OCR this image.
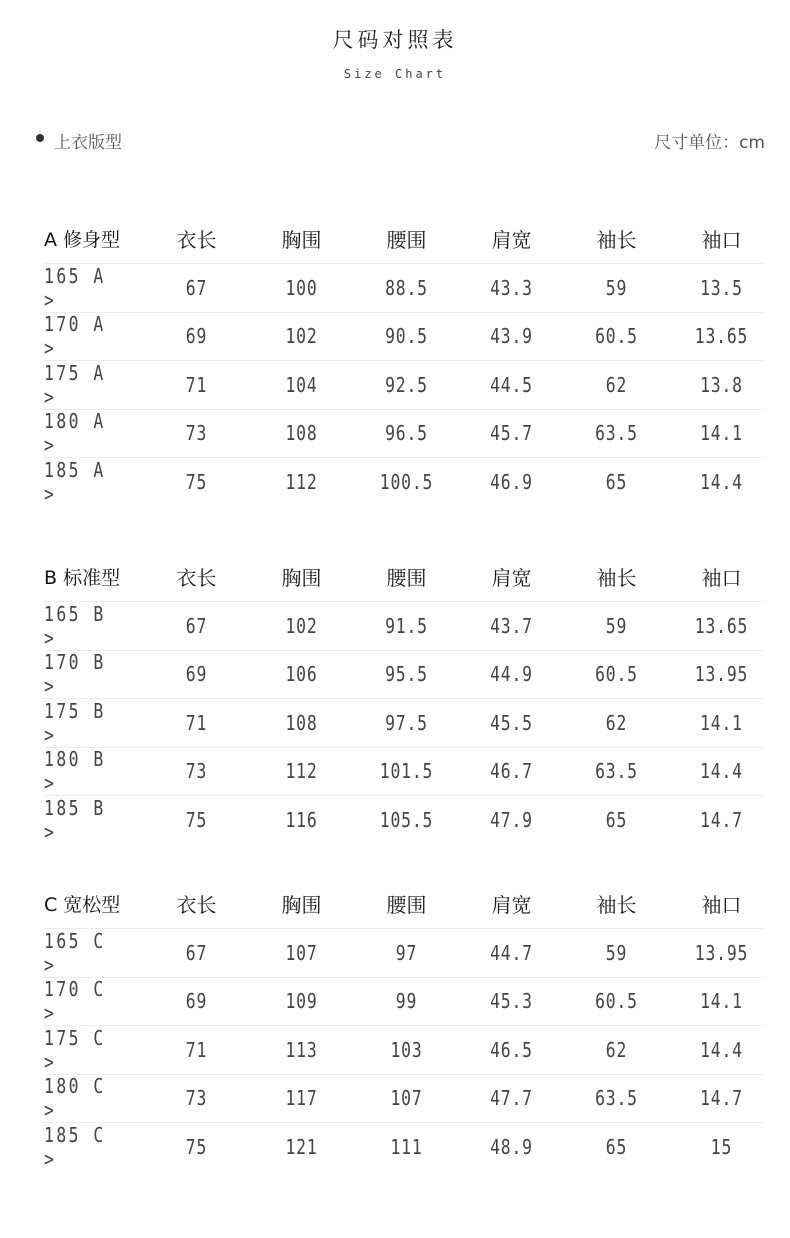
尺码对照表
Size Chart
上衣版型	尺寸单位：cm
A 修身型	衣长	胸围	腰围	肩宽	袖长	袖口
165 A >	67	100	88.5	43.3	59	13.5
170 A >	69	102	90.5	43.9	60.5	13.65
175 A >	71	104	92.5	44.5	62	13.8
180 A >	73	108	96.5	45.7	63.5	14.1
185 A >	75	112	100.5	46.9	65	14.4
B 标准型	衣长	胸围	腰围	肩宽	袖长	袖口
165 B >	67	102	91.5	43.7	59	13.65
170 B >	69	106	95.5	44.9	60.5	13.95
175 B >	71	108	97.5	45.5	62	14.1
180 B >	73	112	101.5	46.7	63.5	14.4
185 B >	75	116	105.5	47.9	65	14.7
C 宽松型	衣长	胸围	腰围	肩宽	袖长	袖口
165 C >	67	107	97	44.7	59	13.95
170 C >	69	109	99	45.3	60.5	14.1
175 C >	71	113	103	46.5	62	14.4
180 C >	73	117	107	47.7	63.5	14.7
185 C >	75	121	111	48.9	65	15
